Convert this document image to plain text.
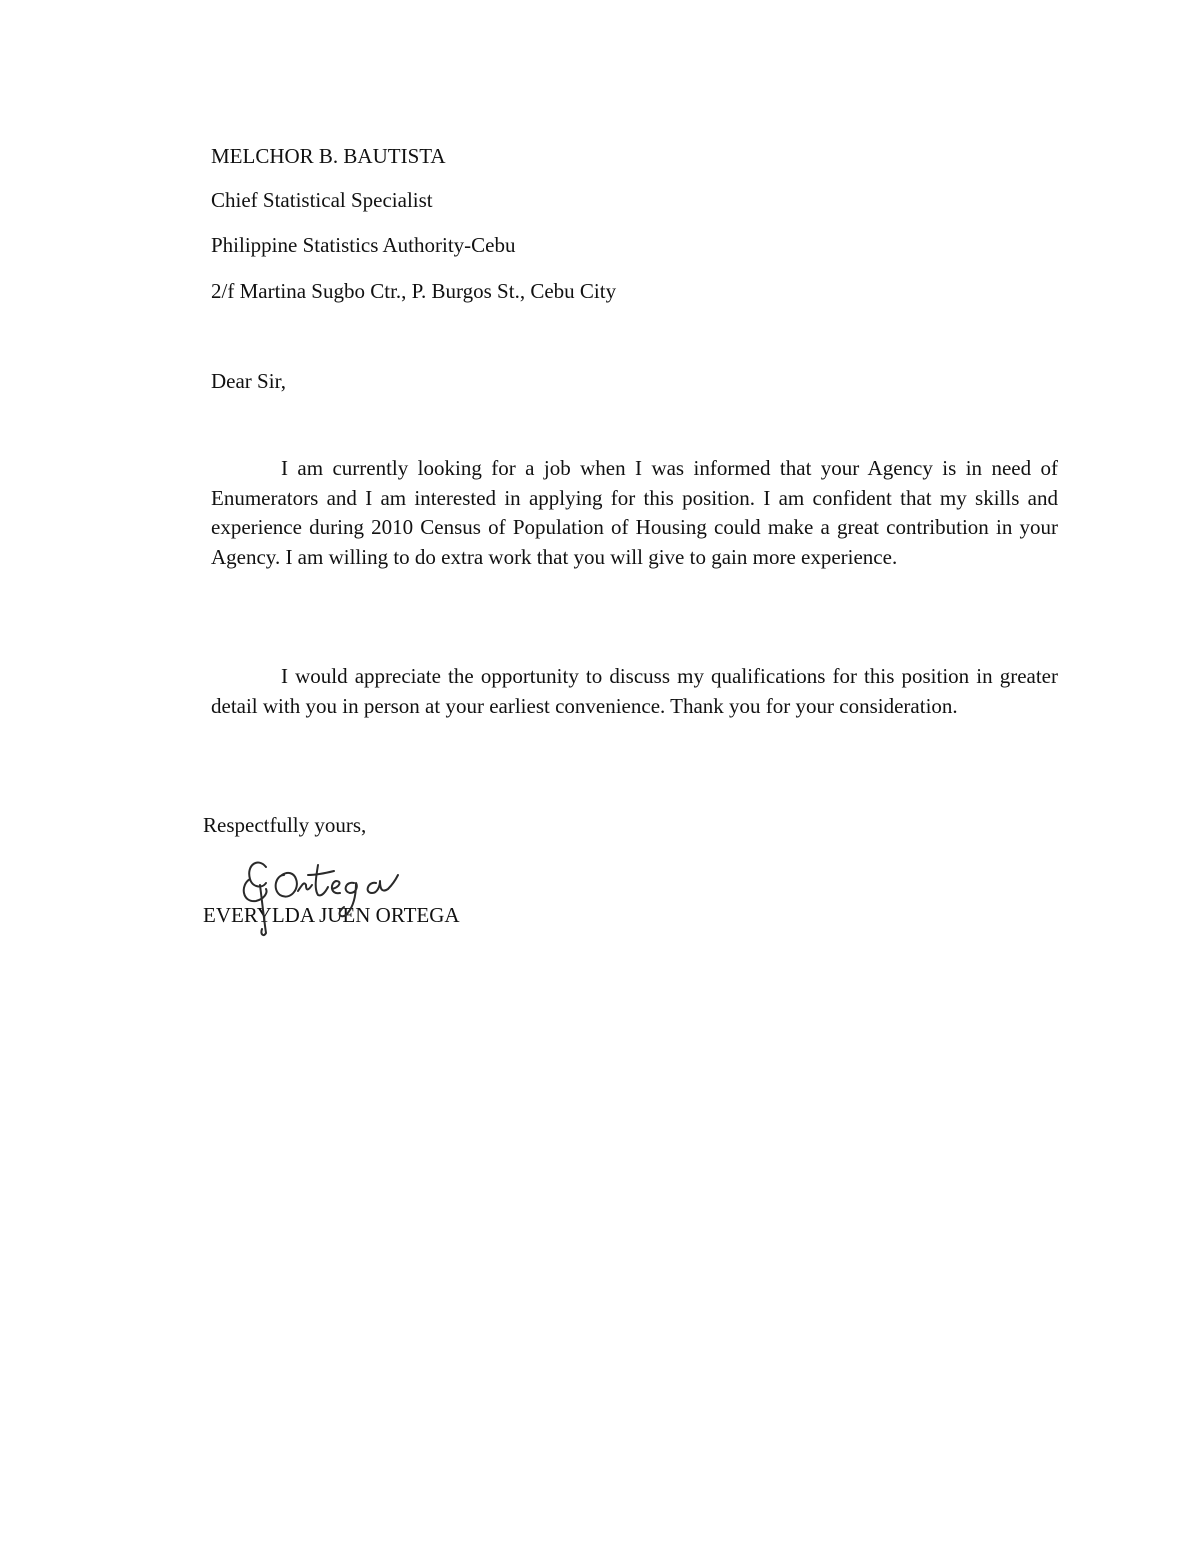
MELCHOR B. BAUTISTA
Chief Statistical Specialist
Philippine Statistics Authority-Cebu
2/f Martina Sugbo Ctr., P. Burgos St., Cebu City
Dear Sir,

I am currently looking for a job when I was informed that your Agency is in need of Enumerators and I am interested in applying for this position. I am confident that my skills and experience during 2010 Census of Population of Housing could make a great contribution in your Agency. I am willing to do extra work that you will give to gain more experience.

I would appreciate the opportunity to discuss my qualifications for this position in greater detail with you in person at your earliest convenience. Thank you for your consideration.

Respectfully yours,
EVERYLDA JUEN ORTEGA
